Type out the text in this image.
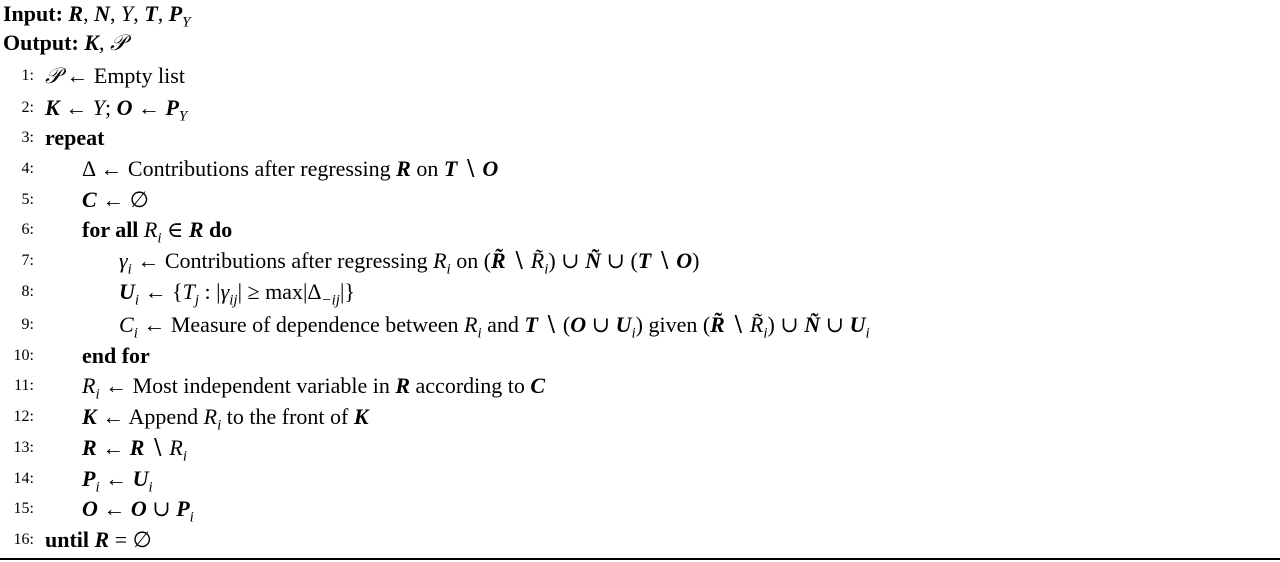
Input: R, N, Y, T, $P_Y$
Output: K, 𝒫
1: 𝒫 ← Empty list
2: K ← Y; O ← $P_Y$
3: repeat
4: Δ ← Contributions after regressing R on T ∖ O
5: C ← ∅
6: for all $R_i$ ∈ R do
7:	$\gamma_i$ ← Contributions after regressing $R_i$ on (R̃ ∖ $R̃_i$) ∪ Ñ ∪ (T ∖ O)
8:	$U_i$ ← {$T_j$ : $|\gamma_{ij}| \ge \max|\Delta_{-ij}|$}
9:	$C_i$ ← Measure of dependence between $R_i$ and T ∖ (O ∪ $U_i$) given (R̃ ∖ $R̃_i$) ∪ Ñ ∪ $U_i$
10: end for
11: $R_i$ ← Most independent variable in R according to C
12: K ← Append $R_i$ to the front of K
13: R ← R ∖ $R_i$
14: $P_i$ ← $U_i$
15: O ← O ∪ $P_i$
16: until R = ∅
